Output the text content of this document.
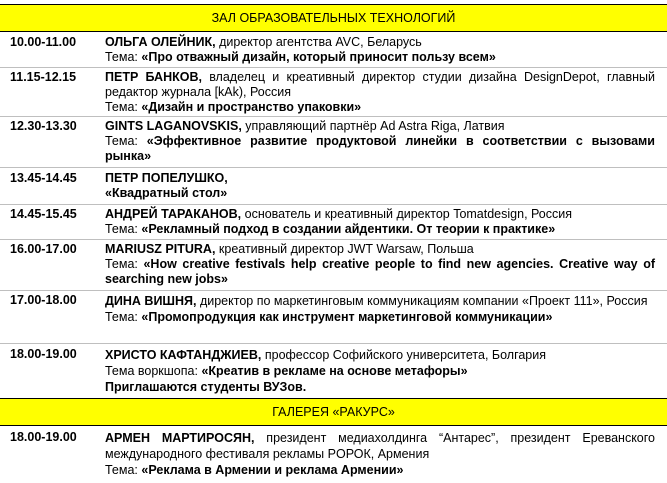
ЗАЛ ОБРАЗОВАТЕЛЬНЫХ ТЕХНОЛОГИЙ
10.00-11.00	ОЛЬГА ОЛЕЙНИК, директор агентства AVC, Беларусь
Тема: «Про отважный дизайн, который приносит пользу всем»
11.15-12.15	ПЕТР БАНКОВ, владелец и креативный директор студии дизайна DesignDepot, главный редактор журнала [kAk), Россия
Тема: «Дизайн и пространство упаковки»
12.30-13.30	GINTS LAGANOVSKIS, управляющий партнёр Ad Astra Riga, Латвия
Тема: «Эффективное развитие продуктовой линейки в соответствии с вызовами рынка»
13.45-14.45	ПЕТР ПОПЕЛУШКО,
«Квадратный стол»
14.45-15.45	АНДРЕЙ ТАРАКАНОВ, основатель и креативный директор Tomatdesign, Россия
Тема: «Рекламный подход в создании айдентики. От теории к практике»
16.00-17.00	MARIUSZ PITURA, креативный директор JWT Warsaw, Польша
Тема: «How creative festivals help creative people to find new agencies. Creative way of searching new jobs»
17.00-18.00	ДИНА ВИШНЯ, директор по маркетинговым коммуникациям компании «Проект 111», Россия
Тема: «Промопродукция как инструмент маркетинговой коммуникации»
18.00-19.00	ХРИСТО КАФТАНДЖИЕВ, профессор Софийского университета, Болгария
Тема воркшопа: «Креатив в рекламе на основе метафоры»
Приглашаются студенты ВУЗов.
ГАЛЕРЕЯ «РАКУРС»
18.00-19.00	АРМЕН МАРТИРОСЯН, президент медиахолдинга “Антарес”, президент Ереванского международного фестиваля рекламы PОРОК, Армения
Тема: «Реклама в Армении и реклама Армении»
